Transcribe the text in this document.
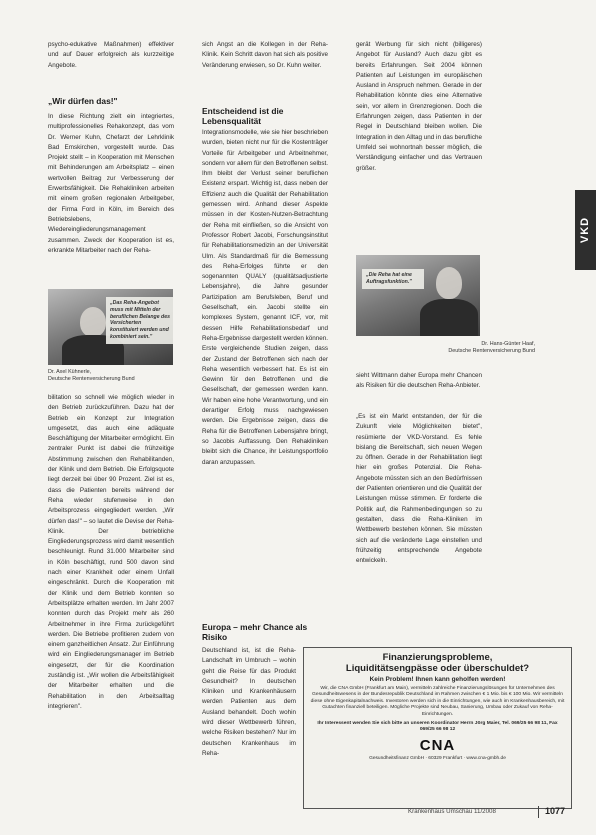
VKD

psycho-edukative Maßnahmen) effektiver und auf Dauer erfolgreich als kurzzeitige Angebote.

„Wir dürfen das!"

In diese Richtung zielt ein integriertes, multiprofessionelles Rehakonzept, das vom Dr. Werner Kuhn, Chefarzt der Lehrklinik Bad Emskirchen, vorgestellt wurde. Das Projekt stellt – in Kooperation mit Menschen mit Behinderungen am Arbeitsplatz – einen wertvollen Beitrag zur Verbesserung der Erwerbsfähigkeit. Die Rehakliniken arbeiten mit einem großen regionalen Arbeitgeber, der Firma Ford in Köln, im Bereich des Betriebslebens, Wiedereingliederungsmanagement zusammen. Zweck der Kooperation ist es, erkrankte Mitarbeiter nach der Reha-

„Das Reha-Angebot muss mit Mitteln der beruflichen Belange des Versicherten konstituiert werden und kombiniert sein."
Dr. Axel Kühnerle,
Deutsche Rentenversicherung Bund

bilitation so schnell wie möglich wieder in den Betrieb zurückzuführen. Dazu hat der Betrieb ein Konzept zur Integration umgesetzt, das auch eine adäquate Beschäftigung der Mitarbeiter ermöglicht. Ein zentraler Punkt ist dabei die frühzeitige Abstimmung zwischen den Rehabilitanden, der Klinik und dem Betrieb. Die Erfolgsquote liegt derzeit bei über 90 Prozent. Ziel ist es, dass die Patienten bereits während der Reha wieder stufenweise in den Arbeitsprozess eingegliedert werden. „Wir dürfen das!" – so lautet die Devise der Reha-Klinik. Der betriebliche Eingliederungsprozess wird damit wesentlich beschleunigt. Rund 31.000 Mitarbeiter sind in Köln beschäftigt, rund 500 davon sind nach einer Krankheit oder einem Unfall eingeschränkt. Durch die Kooperation mit der Klinik und dem Betrieb konnten so Arbeitsplätze erhalten werden. Im Jahr 2007 konnten durch das Projekt mehr als 260 Arbeitnehmer in ihre Firma zurückgeführt werden. Die Betriebe profitieren zudem von einem ganzheitlichen Ansatz. Zur Einführung wird ein Eingliederungsmanager im Betrieb eingesetzt, der für die Koordination zuständig ist. „Wir wollen die Arbeitsfähigkeit der Mitarbeiter erhalten und die Rehabilitation in den Arbeitsalltag integrieren".

sich Angst an die Kollegen in der Reha-Klinik. Kein Schritt davon hat sich als positive Veränderung erwiesen, so Dr. Kuhn weiter.

Entscheidend ist die Lebensqualität

Integrationsmodelle, wie sie hier beschrieben wurden, bieten nicht nur für die Kostenträger Vorteile für Arbeitgeber und Arbeitnehmer, sondern vor allem für den Betroffenen selbst. Ihm bleibt der Verlust seiner beruflichen Existenz erspart. Wichtig ist, dass neben der Effizienz auch die Qualität der Rehabilitation gemessen wird. Anhand dieser Aspekte müssen in der Kosten-Nutzen-Betrachtung der Reha mit einfließen, so die Ansicht von Professor Robert Jacobi, Forschungsinstitut für Rehabilitationsmedizin an der Universität Ulm. Als Standardmaß für die Bemessung des Reha-Erfolges führte er den sogenannten QUALY (qualitätsadjustierte Lebensjahre), die Jahre gesunder Partizipation am Berufsleben, Beruf und Gesellschaft, ein. Jacobi stellte ein komplexes System, genannt ICF, vor, mit dessen Hilfe Rehabilitationsbedarf und Reha-Ergebnisse dargestellt werden können. Erste vergleichende Studien zeigen, dass der Zustand der Betroffenen sich nach der Reha wesentlich verbessert hat. Es ist ein Gewinn für den Betroffenen und die Gesellschaft, der gemessen werden kann. Wir haben eine hohe Verantwortung, und ein derartiger Erfolg muss nachgewiesen werden. Die Ergebnisse zeigen, dass die Reha für die Betroffenen Lebensjahre bringt, so Jacobis Auffassung. Den Rehakliniken bleibt sich die Chance, ihr Leistungsportfolio daran anzupassen.

Europa – mehr Chance als Risiko

Deutschland ist, ist die Reha-Landschaft im Umbruch – wohin geht die Reise für das Produkt Gesundheit? In deutschen Kliniken und Krankenhäusern werden Patienten aus dem Ausland behandelt. Doch wohin wird dieser Wettbewerb führen, welche Risiken bestehen? Nur im deutschen Krankenhaus im Reha-

gerät Werbung für sich nicht (billigeres) Angebot für Ausland? Auch dazu gibt es bereits Erfahrungen. Seit 2004 können Patienten auf Leistungen im europäischen Ausland in Anspruch nehmen. Gerade in der Rehabilitation könnte dies eine Alternative sein, vor allem in Grenzregionen. Doch die Erfahrungen zeigen, dass Patienten in der Regel in Deutschland bleiben wollen. Die Integration in den Alltag und in das berufliche Umfeld sei wohnortnah besser möglich, die Verständigung einfacher und das Vertrauen größer.

„Die Reha hat eine Auftragsfunktion."
Dr. Hans-Günter Haaf,
Deutsche Rentenversicherung Bund

sieht Wittmann daher Europa mehr Chancen als Risiken für die deutschen Reha-Anbieter.

„Es ist ein Markt entstanden, der für die Zukunft viele Möglichkeiten bietet", resümierte der VKD-Vorstand. Es fehle bislang die Bereitschaft, sich neuen Wegen zu öffnen. Gerade in der Rehabilitation liegt hier ein großes Potenzial. Die Reha-Angebote müssten sich an den Bedürfnissen der Patienten orientieren und die Qualität der Leistungen müsse stimmen. Er forderte die Politik auf, die Rahmenbedingungen so zu gestalten, dass die Reha-Kliniken im Wettbewerb bestehen können. Sie müssten sich auf die veränderte Lage einstellen und frühzeitig entsprechende Angebote entwickeln.

Finanzierungsprobleme,
Liquiditätsengpässe oder überschuldet?
Kein Problem! Ihnen kann geholfen werden!
Wir, die CNA GmbH (Frankfurt am Main), vermitteln zahlreiche Finanzierungslösungen für Unternehmen des Gesundheitswesens in der Bundesrepublik Deutschland im Rahmen zwischen € 1 Mio. bis € 100 Mio. Wir vermitteln diese ohne Eigenkapitalnachweis. Investoren werden sich in die Einrichtungen, wie auch im Krankenhausbereich, mit Gutachten finanziell beteiligen. Mögliche Projekte sind Neubau, Sanierung, Umbau oder Zukauf von Reha-Einrichtungen.
Ihr Interessent wenden Sie sich bitte an unseren Koordinator Herrn Jörg Maier, Tel. 069/25 66 98 11, Fax 069/25 66 98 12
CNA
Gesundheitsfinanz GmbH · 60329 Frankfurt · www.cna-gmbh.de
Krankenhaus Umschau 11/2008	1077
